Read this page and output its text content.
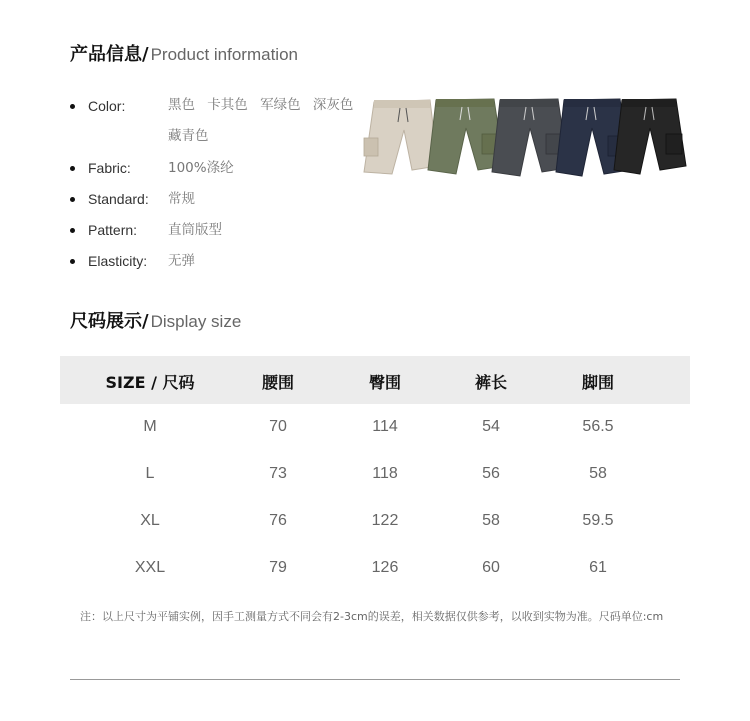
产品信息/ Product information
Color:	黑色 卡其色 军绿色 深灰色 藏青色
Fabric:	100%涤纶
Standard: 常规
Pattern: 直筒版型
Elasticity: 无弹
尺码展示/ Display size
SIZE / 尺码	腰围	臀围	裤长	脚围
M	70	114	54	56.5
L	73	118	56	58
XL	76	122	58	59.5
XXL	79	126	60	61
注：以上尺寸为平铺实例，因手工测量方式不同会有2-3cm的误差，相关数据仅供参考，以收到实物为准。尺码单位:cm
